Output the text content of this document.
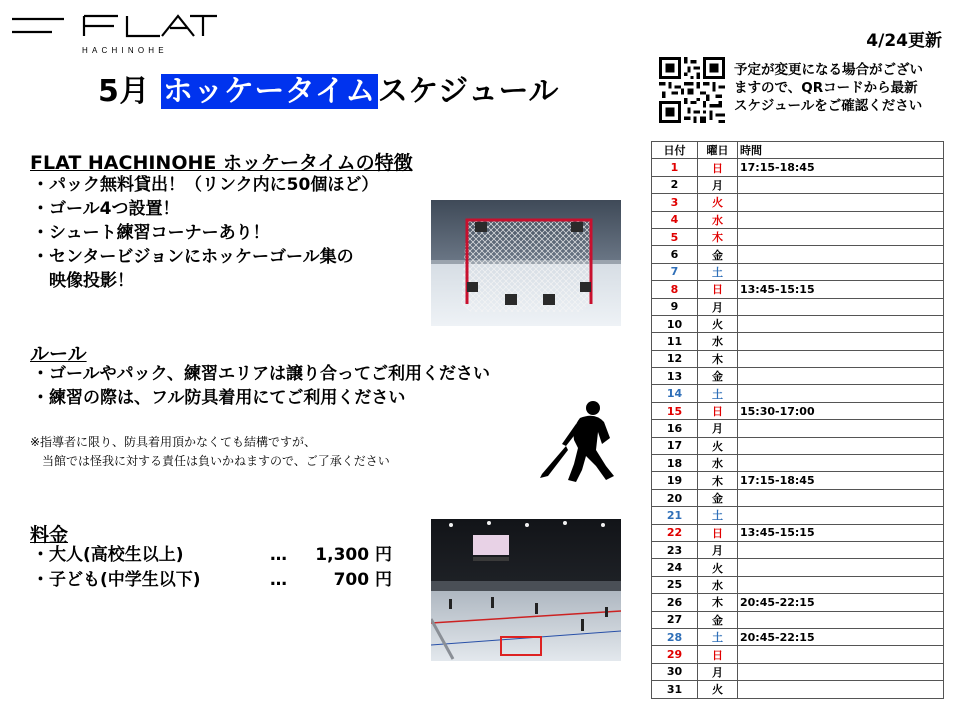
HACHINOHE	4/24更新
5月 ホッケータイムスケジュール
予定が変更になる場合がござい
ますので、QRコードから最新
スケジュールをご確認ください
FLAT HACHINOHE ホッケータイムの特徴
・パック無料貸出！（リンク内に50個ほど）
・ゴール4つ設置！
・シュート練習コーナーあり！
・センタービジョンにホッケーゴール集の
　映像投影！
ルール
・ゴールやパック、練習エリアは譲り合ってご利用ください
・練習の際は、フル防具着用にてご利用ください
※指導者に限り、防具着用頂かなくても結構ですが、
　当館では怪我に対する責任は負いかねますので、ご了承ください
料金
・大人(高校生以上)	… 1,300 円
・子ども(中学生以下)	…	700 円
日付	曜日	時間
1	日	17:15-18:45
2	月	
3	火	
4	水	
5	木	
6	金	
7	土	
8	日	13:45-15:15
9	月	
10	火	
11	水	
12	木	
13	金	
14	土	
15	日	15:30-17:00
16	月	
17	火	
18	水	
19	木	17:15-18:45
20	金	
21	土	
22	日	13:45-15:15
23	月	
24	火	
25	水	
26	木	20:45-22:15
27	金	
28	土	20:45-22:15
29	日	
30	月	
31	火	
